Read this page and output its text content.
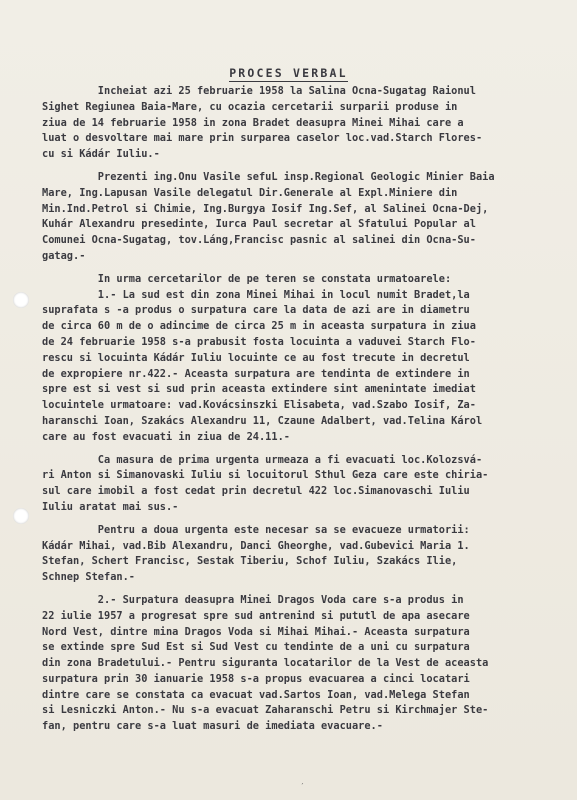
PROCES VERBAL
Incheiat azi 25 februarie 1958 la Salina Ocna-Sugatag Raionul
Sighet Regiunea Baia-Mare, cu ocazia cercetarii surparii produse in
ziua de 14 februarie 1958 in zona Bradet deasupra Minei Mihai care a
luat o desvoltare mai mare prin surparea caselor loc.vad.Starch Flores-
cu si Kádár Iuliu.-
Prezenti ing.Onu Vasile sefuL insp.Regional Geologic Minier Baia
Mare, Ing.Lapusan Vasile delegatul Dir.Generale al Expl.Miniere din
Min.Ind.Petrol si Chimie, Ing.Burgya Iosif Ing.Sef, al Salinei Ocna-Dej,
Kuhár Alexandru presedinte, Iurca Paul secretar al Sfatului Popular al
Comunei Ocna-Sugatag, tov.Láng,Francisc pasnic al salinei din Ocna-Su-
gatag.-
In urma cercetarilor de pe teren se constata urmatoarele:
1.- La sud est din zona Minei Mihai in locul numit Bradet,la
suprafata s -a produs o surpatura care la data de azi are in diametru
de circa 60 m de o adincime de circa 25 m in aceasta surpatura in ziua
de 24 februarie 1958 s-a prabusit fosta locuinta a vaduvei Starch Flo-
rescu si locuinta Kádár Iuliu locuinte ce au fost trecute in decretul
de expropiere nr.422.- Aceasta surpatura are tendinta de extindere in
spre est si vest si sud prin aceasta extindere sint amenintate imediat
locuintele urmatoare: vad.Kovácsinszki Elisabeta, vad.Szabo Iosif, Za-
haranschi Ioan, Szakács Alexandru 11, Czaune Adalbert, vad.Telina Károl
care au fost evacuati in ziua de 24.11.-
Ca masura de prima urgenta urmeaza a fi evacuati loc.Kolozsvá-
ri Anton si Simanovaski Iuliu si locuitorul Sthul Geza care este chiria-
sul care imobil a fost cedat prin decretul 422 loc.Simanovaschi Iuliu
Iuliu aratat mai sus.-
Pentru a doua urgenta este necesar sa se evacueze urmatorii:
Kádár Mihai, vad.Bib Alexandru, Danci Gheorghe, vad.Gubevici Maria 1.
Stefan, Schert Francisc, Sestak Tiberiu, Schof Iuliu, Szakács Ilie,
Schnep Stefan.-
2.- Surpatura deasupra Minei Dragos Voda care s-a produs in
22 iulie 1957 a progresat spre sud antrenind si pututl de apa asecare
Nord Vest, dintre mina Dragos Voda si Mihai Mihai.- Aceasta surpatura
se extinde spre Sud Est si Sud Vest cu tendinte de a uni cu surpatura
din zona Bradetului.- Pentru siguranta locatarilor de la Vest de aceasta
surpatura prin 30 ianuarie 1958 s-a propus evacuarea a cinci locatari
dintre care se constata ca evacuat vad.Sartos Ioan, vad.Melega Stefan
si Lesniczki Anton.- Nu s-a evacuat Zaharanschi Petru si Kirchmajer Ste-
fan, pentru care s-a luat masuri de imediata evacuare.-
′
